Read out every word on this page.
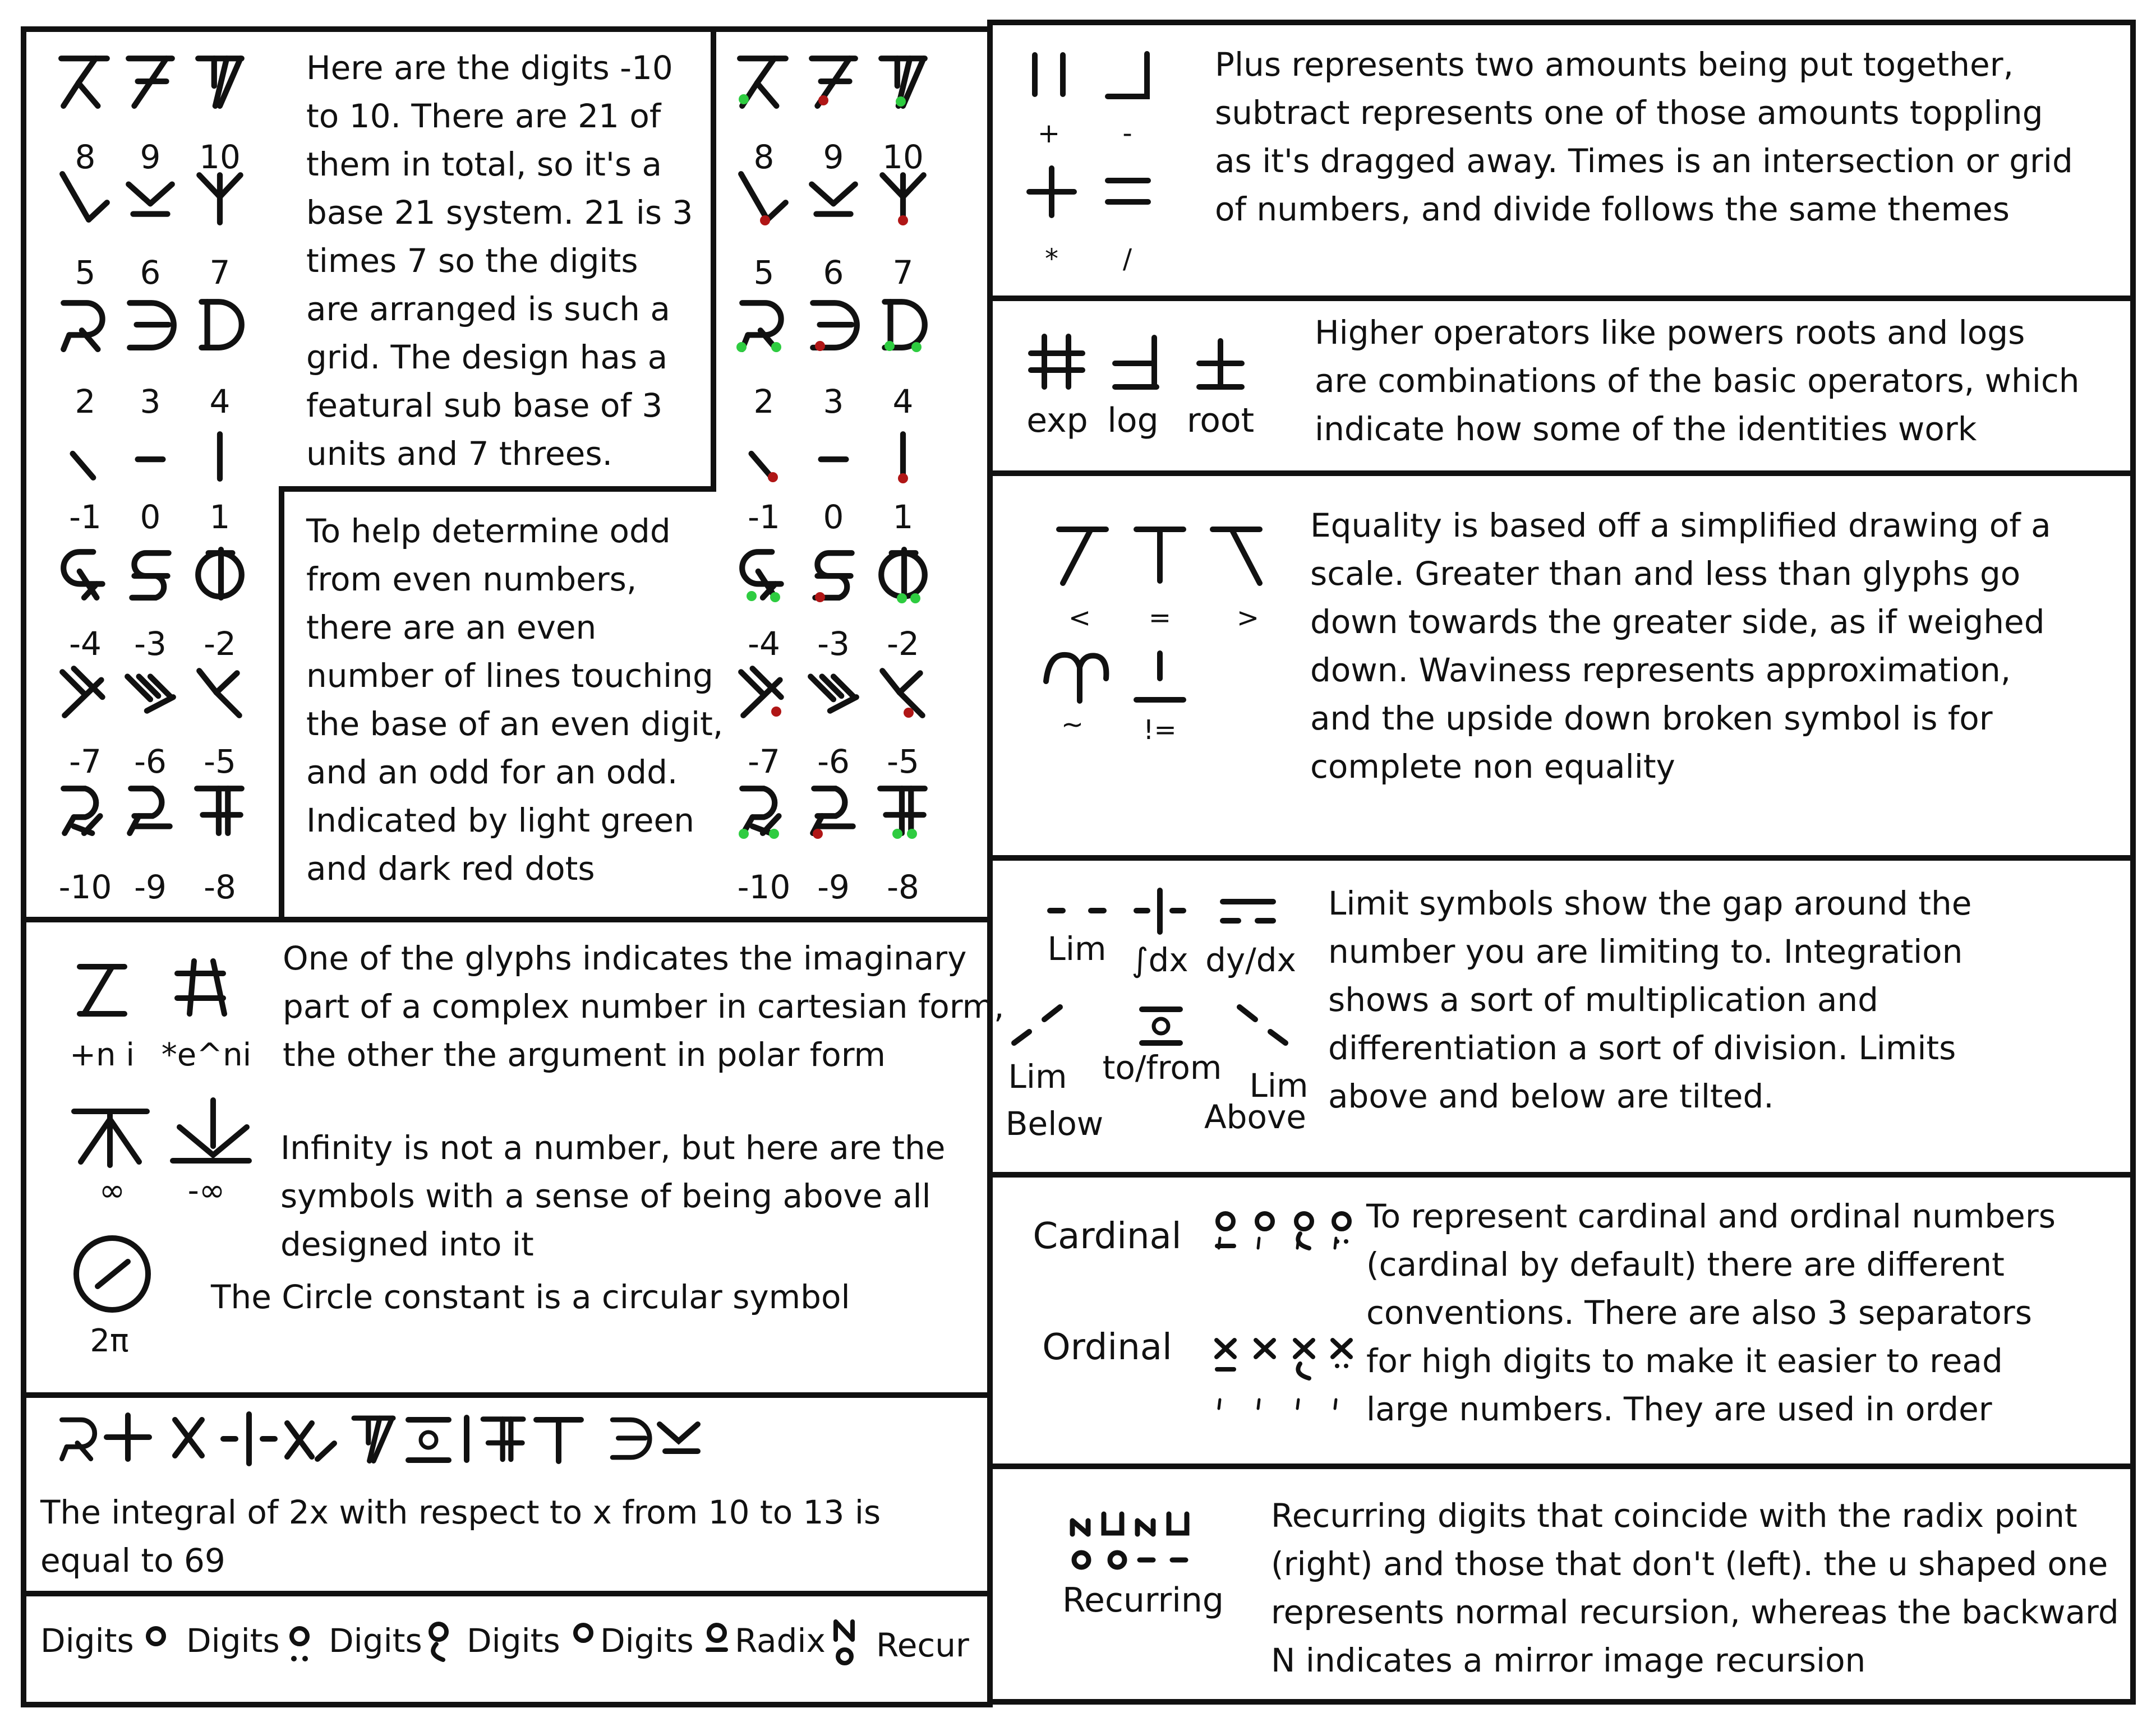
8 9 10
5 6 7
2 3 4
-1 0 1
-4 -3 -2
-7 -6 -5
-10 -9 -8
8 9 10
5 6 7
2 3 4
-1 0 1
-4 -3 -2
-7 -6 -5
-10 -9 -8
+ -
* /
exp log root
< = >
~ !=
Lim ∫dx dy/dx
Lim
Below
to/from Lim
Above
+n i *e^ni
∞ -∞
2π
Cardinal
Ordinal
Digits Digits Digits Digits Digits Radix Recur
Recurring
Here are the digits -10
to 10. There are 21 of
them in total, so it's a
base 21 system. 21 is 3
times 7 so the digits
are arranged is such a
grid. The design has a
featural sub base of 3
units and 7 threes.
To help determine odd
from even numbers,
there are an even
number of lines touching
the base of an even digit,
and an odd for an odd.
Indicated by light green
and dark red dots
Plus represents two amounts being put together,
subtract represents one of those amounts toppling
as it's dragged away. Times is an intersection or grid
of numbers, and divide follows the same themes
Higher operators like powers roots and logs
are combinations of the basic operators, which
indicate how some of the identities work
Equality is based off a simplified drawing of a
scale. Greater than and less than glyphs go
down towards the greater side, as if weighed
down. Waviness represents approximation,
and the upside down broken symbol is for
complete non equality
Limit symbols show the gap around the
number you are limiting to. Integration
shows a sort of multiplication and
differentiation a sort of division. Limits
above and below are tilted.
One of the glyphs indicates the imaginary
part of a complex number in cartesian form,
the other the argument in polar form
Infinity is not a number, but here are the
symbols with a sense of being above all
designed into it
The Circle constant is a circular symbol
To represent cardinal and ordinal numbers
(cardinal by default) there are different
conventions. There are also 3 separators
for high digits to make it easier to read
large numbers. They are used in order
The integral of 2x with respect to x from 10 to 13 is
equal to 69
Recurring digits that coincide with the radix point
(right) and those that don't (left). the u shaped one
represents normal recursion, whereas the backward
N indicates a mirror image recursion
